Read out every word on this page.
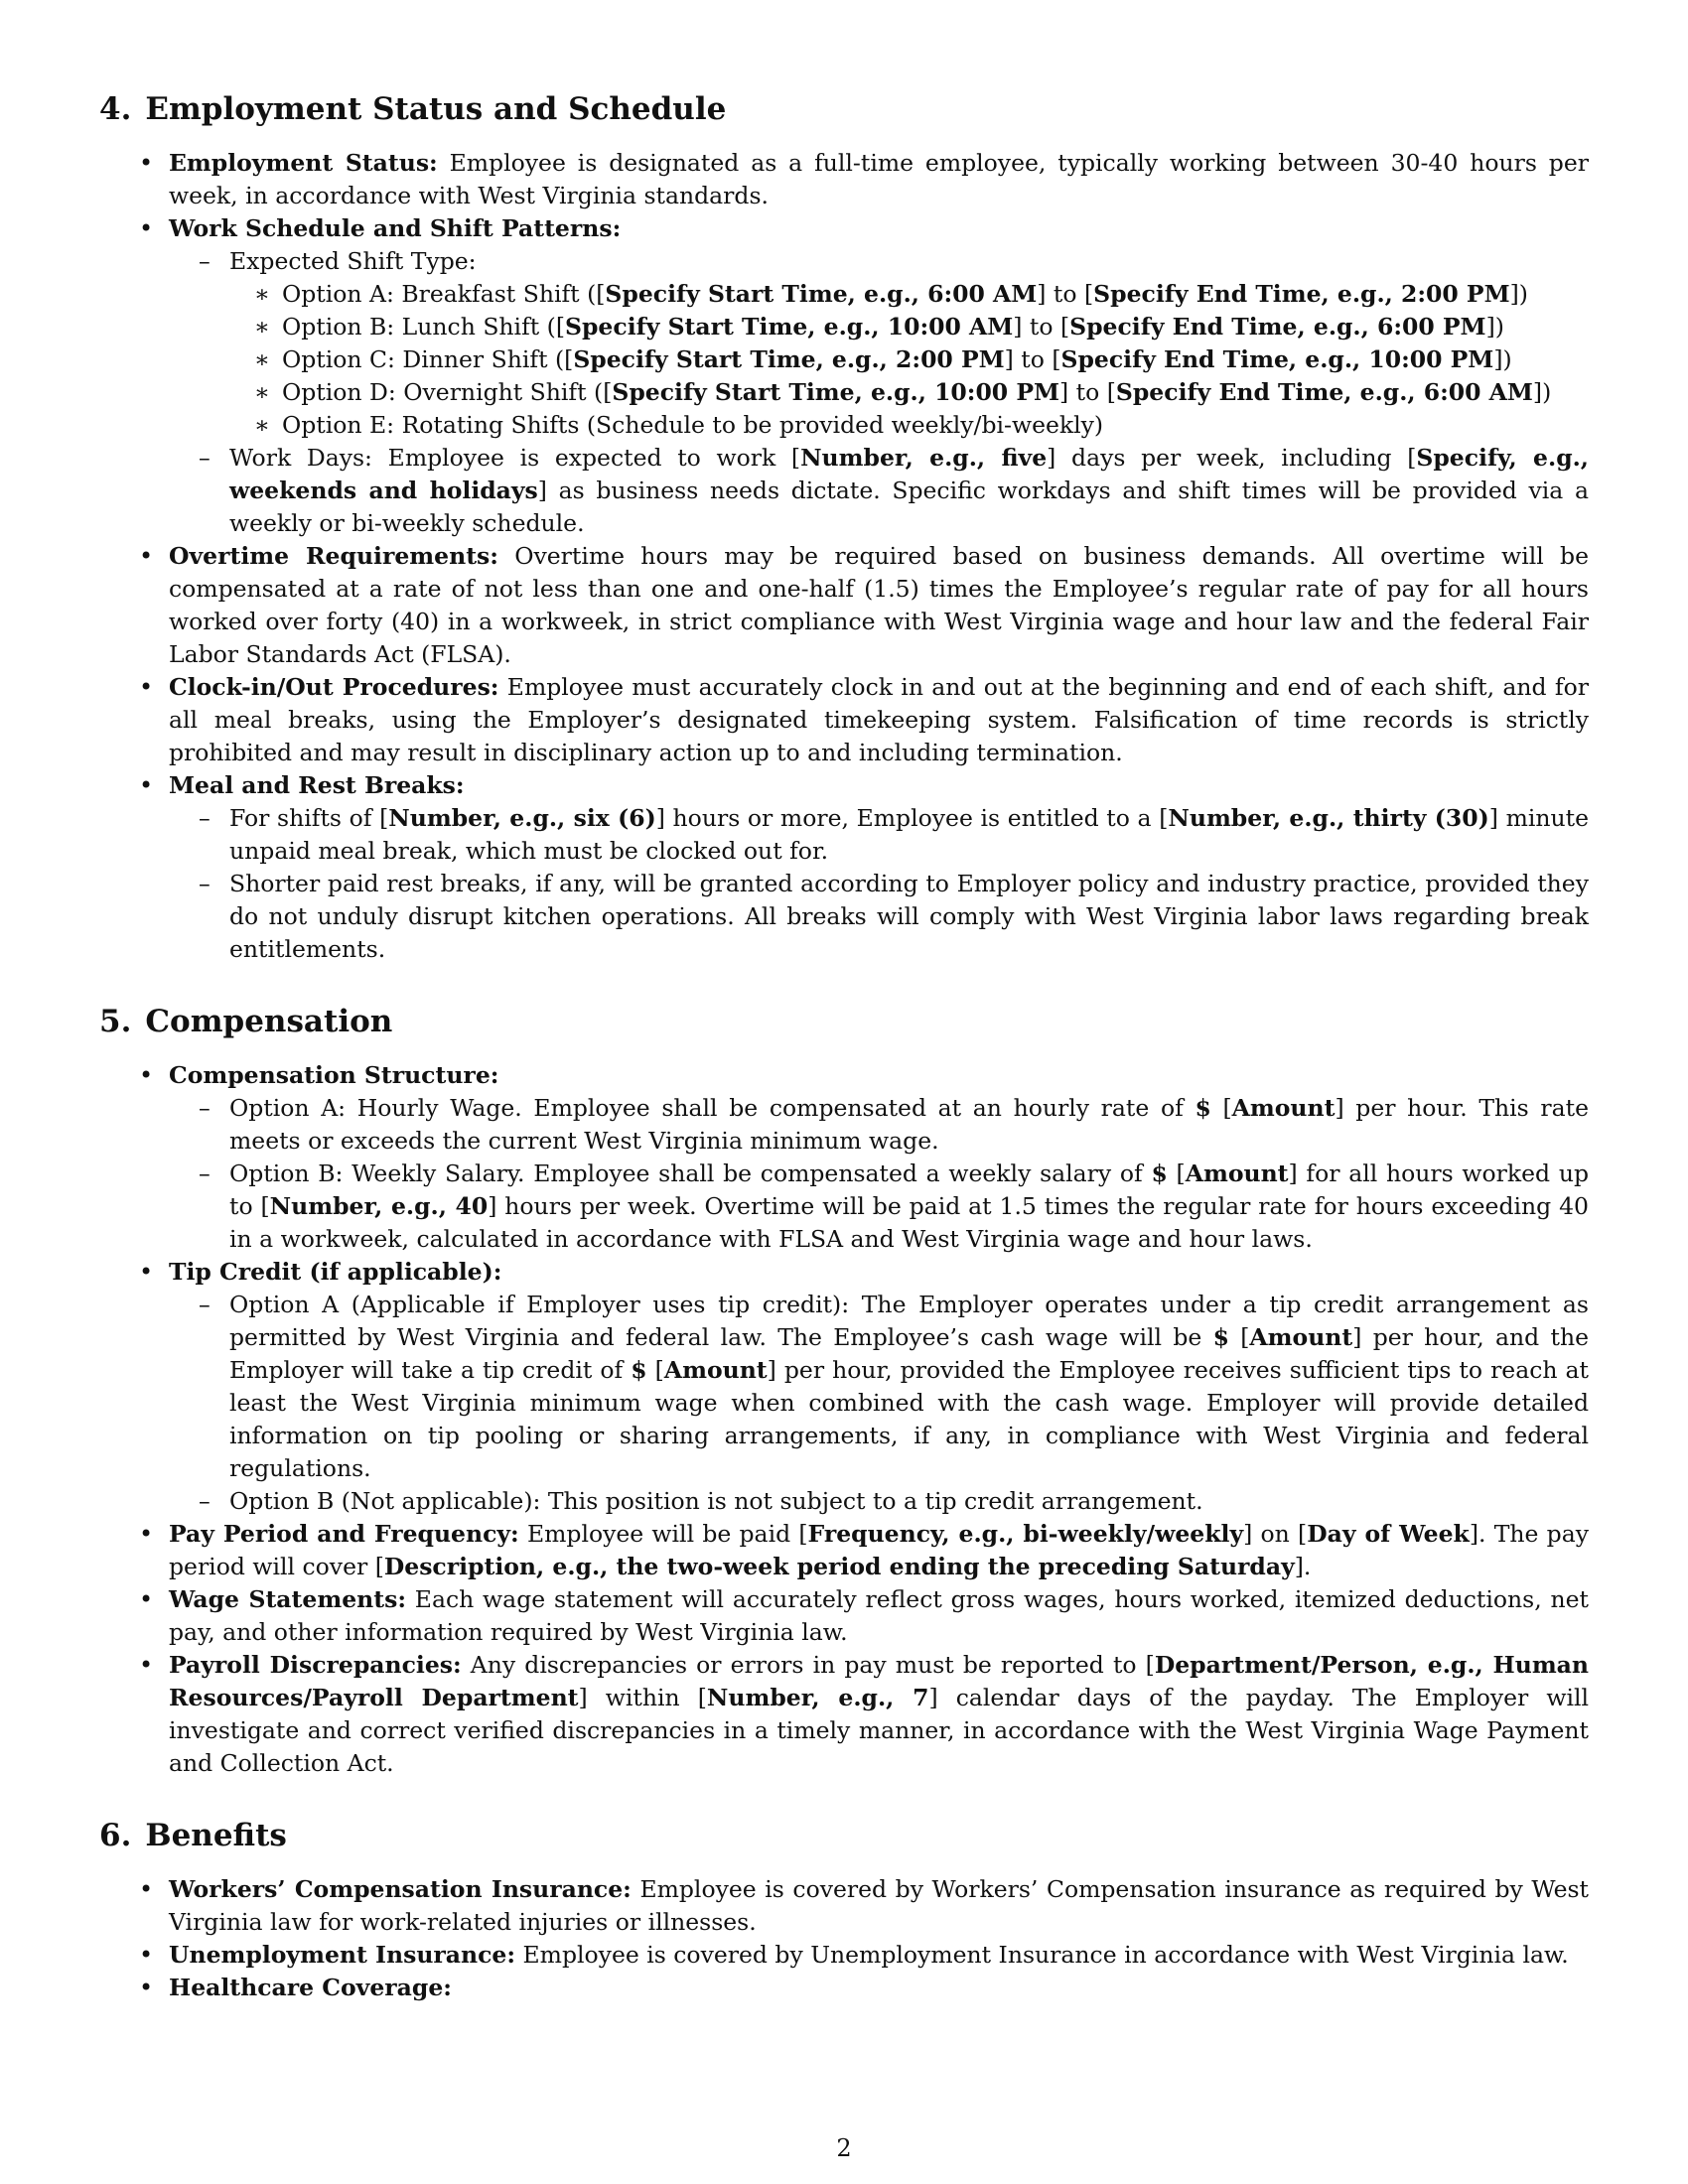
4. Employment Status and Schedule
• Employment Status: Employee is designated as a full-time employee, typically working between 30-40 hours per week, in accordance with West Virginia standards.
• Work Schedule and Shift Patterns:
– Expected Shift Type:
∗ Option A: Breakfast Shift ([Specify Start Time, e.g., 6:00 AM] to [Specify End Time, e.g., 2:00 PM])
∗ Option B: Lunch Shift ([Specify Start Time, e.g., 10:00 AM] to [Specify End Time, e.g., 6:00 PM])
∗ Option C: Dinner Shift ([Specify Start Time, e.g., 2:00 PM] to [Specify End Time, e.g., 10:00 PM])
∗ Option D: Overnight Shift ([Specify Start Time, e.g., 10:00 PM] to [Specify End Time, e.g., 6:00 AM])
∗ Option E: Rotating Shifts (Schedule to be provided weekly/bi-weekly)
– Work Days: Employee is expected to work [Number, e.g., five] days per week, including [Specify, e.g., weekends and holidays] as business needs dictate. Specific workdays and shift times will be provided via a weekly or bi-weekly schedule.
• Overtime Requirements: Overtime hours may be required based on business demands. All overtime will be compensated at a rate of not less than one and one-half (1.5) times the Employee’s regular rate of pay for all hours worked over forty (40) in a workweek, in strict compliance with West Virginia wage and hour law and the federal Fair Labor Standards Act (FLSA).
• Clock-in/Out Procedures: Employee must accurately clock in and out at the beginning and end of each shift, and for all meal breaks, using the Employer’s designated timekeeping system. Falsification of time records is strictly prohibited and may result in disciplinary action up to and including termination.
• Meal and Rest Breaks:
– For shifts of [Number, e.g., six (6)] hours or more, Employee is entitled to a [Number, e.g., thirty (30)] minute unpaid meal break, which must be clocked out for.
– Shorter paid rest breaks, if any, will be granted according to Employer policy and industry practice, provided they do not unduly disrupt kitchen operations. All breaks will comply with West Virginia labor laws regarding break entitlements.
5. Compensation
• Compensation Structure:
– Option A: Hourly Wage. Employee shall be compensated at an hourly rate of $ [Amount] per hour. This rate meets or exceeds the current West Virginia minimum wage.
– Option B: Weekly Salary. Employee shall be compensated a weekly salary of $ [Amount] for all hours worked up to [Number, e.g., 40] hours per week. Overtime will be paid at 1.5 times the regular rate for hours exceeding 40 in a workweek, calculated in accordance with FLSA and West Virginia wage and hour laws.
• Tip Credit (if applicable):
– Option A (Applicable if Employer uses tip credit): The Employer operates under a tip credit arrangement as permitted by West Virginia and federal law. The Employee’s cash wage will be $ [Amount] per hour, and the Employer will take a tip credit of $ [Amount] per hour, provided the Employee receives sufficient tips to reach at least the West Virginia minimum wage when combined with the cash wage. Employer will provide detailed information on tip pooling or sharing arrangements, if any, in compliance with West Virginia and federal regulations.
– Option B (Not applicable): This position is not subject to a tip credit arrangement.
• Pay Period and Frequency: Employee will be paid [Frequency, e.g., bi-weekly/weekly] on [Day of Week]. The pay period will cover [Description, e.g., the two-week period ending the preceding Saturday].
• Wage Statements: Each wage statement will accurately reflect gross wages, hours worked, itemized deductions, net pay, and other information required by West Virginia law.
• Payroll Discrepancies: Any discrepancies or errors in pay must be reported to [Department/Person, e.g., Human Resources/Payroll Department] within [Number, e.g., 7] calendar days of the payday. The Employer will investigate and correct verified discrepancies in a timely manner, in accordance with the West Virginia Wage Payment and Collection Act.
6. Benefits
• Workers’ Compensation Insurance: Employee is covered by Workers’ Compensation insurance as required by West Virginia law for work-related injuries or illnesses.
• Unemployment Insurance: Employee is covered by Unemployment Insurance in accordance with West Virginia law.
• Healthcare Coverage:
2
